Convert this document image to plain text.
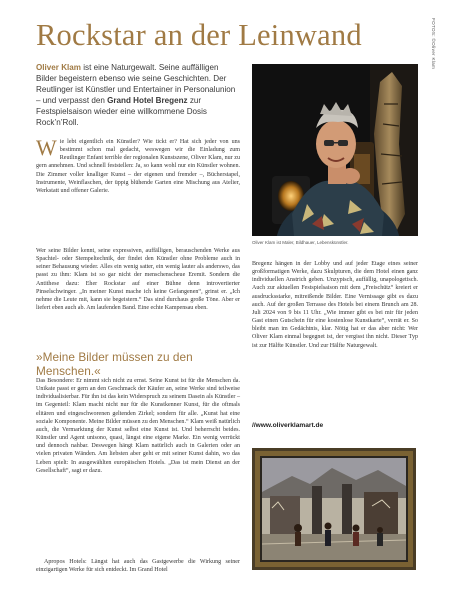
FOTOS: ©Oliver Klam
Rockstar an der Leinwand
Oliver Klam ist eine Naturgewalt. Seine auffälligen Bilder begeistern ebenso wie seine Geschichten. Der Reutlinger ist Künstler und Entertainer in Personalunion – und verpasst den Grand Hotel Bregenz zur Festspielsaison wieder eine willkommene Dosis Rock’n’Roll.
Wie lebt eigentlich ein Künstler? Wie tickt er? Hat sich jeder von uns bestimmt schon mal gedacht, weswegen wir die Einladung zum Reutlinger Enfant terrible der regionalen Kunstszene, Oliver Klam, nur zu gern annehmen. Und schnell feststellen: Ja, so kann wohl nur ein Künstler wohnen. Die Zimmer voller knalliger Kunst – der eigenen und fremder –, Bücherstapel, Instrumente, Weinflaschen, der üppig blühende Garten eine Mischung aus Atelier, Werkstatt und offener Galerie.
Wer seine Bilder kennt, seine expressiven, auffälligen, berauschenden Werke aus Spachtel- oder Stempeltechnik, der findet den Künstler ohne Probleme auch in seiner Behausung wieder. Alles ein wenig satter, ein wenig lauter als anderswo, das passt zu ihm: Klam ist so gar nicht der menschenscheue Eremit. Sondern die Antithese dazu: Eher Rockstar auf einer Bühne denn introvertierter Pinselschwinger. „In meiner Kunst mache ich keine Gefangenen“, grinst er. „Ich nehme die Leute mit, kann sie begeistern.“ Das sind durchaus große Töne. Aber er liefert eben auch ab. Am laufenden Band. Eine echte Kampensau eben.
»Meine Bilder müssen zu den Menschen.«
Das Besondere: Er nimmt sich nicht zu ernst. Seine Kunst ist für die Menschen da. Unikate passt er gern an den Geschmack der Käufer an, seine Werke sind teilweise individualisierbar. Für ihn ist das kein Widerspruch zu seinem Dasein als Künstler – im Gegenteil: Klam macht nicht nur für die Kunstkenner Kunst, für die oftmals elitären und eingeschworenen geltenden Zirkel; sondern für alle. „Kunst hat eine soziale Komponente. Meine Bilder müssen zu den Menschen.“ Klam weiß natürlich auch, die Vermarktung der Kunst selbst eine Kunst ist. Und beherrscht beides. Künstler und Agent unisono, quasi, längst eine eigene Marke. Ein wenig verrückt und dennoch nahbar. Deswegen hängt Klam natürlich auch in Galerien oder an vielen privaten Wänden. Am liebsten aber geht er mit seiner Kunst dahin, wo das Leben spielt: In ausgewählten europäischen Hotels. „Das ist mein Dienst an der Gesellschaft“, sagt er dazu.
Apropos Hotels: Längst hat auch das Gastgewerbe die Wirkung seiner einzigartigen Werke für sich entdeckt. Im Grand Hotel
Oliver Klam ist Maler, Bildhauer, Lebenskünstler.
Bregenz hängen in der Lobby und auf jeder Etage eines seiner großformatigen Werke, dazu Skulpturen, die dem Hotel einen ganz individuellen Anstrich geben. Unzypisch, auffällig, unapologetisch. Auch zur aktuellen Festspielsaison mit dem „Freischütz“ kreiert er ausdrucksstarke, mitreißende Bilder. Eine Vernissage gibt es dazu auch. Auf der großen Terrasse des Hotels bei einem Brunch am 28. Juli 2024 von 9 bis 11 Uhr. „Wie immer gibt es bei mir für jeden Gast einen Gutschein für eine kostenlose Kunstkarte“, verrät er. So bleibt man im Gedächtnis, klar. Nötig hat er das aber nicht: Wer Oliver Klam einmal begegnet ist, der vergisst ihn nicht. Dieser Typ ist zur Hälfte Künstler. Und zur Hälfte Naturgewalt.
//www.oliverklamart.de
